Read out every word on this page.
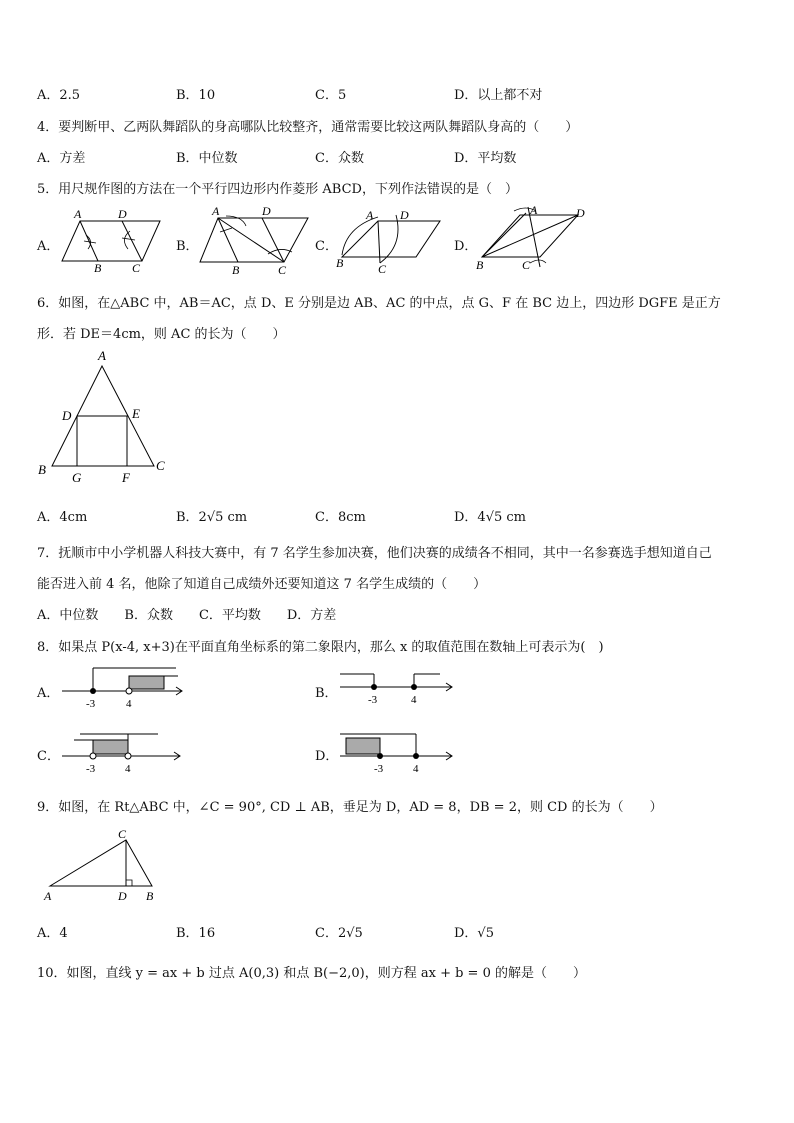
A．2.5	B．10	C．5	D．以上都不对
4．要判断甲、乙两队舞蹈队的身高哪队比较整齐，通常需要比较这两队舞蹈队身高的（　　）
A．方差	B．中位数	C．众数	D．平均数
5．用尺规作图的方法在一个平行四边形内作菱形 ABCD，下列作法错误的是（　）
A．	B．	C．	D．
A	D
B	C
A	D
B	C
A D
B	C
A	D
B	C
6．如图，在△ABC 中，AB＝AC，点 D、E 分别是边 AB、AC 的中点，点 G、F 在 BC 边上，四边形 DGFE 是正方
形．若 DE＝4cm，则 AC 的长为（　　）
A
D	E
B	C
G	F
A．4cm	B．2√5 cm	C．8cm	D．4√5 cm
7．抚顺市中小学机器人科技大赛中，有 7 名学生参加决赛，他们决赛的成绩各不相同，其中一名参赛选手想知道自己
能否进入前 4 名，他除了知道自己成绩外还要知道这 7 名学生成绩的（　　）
A．中位数　　B．众数　　C．平均数　　D．方差
8．如果点 P(x-4, x+3)在平面直角坐标系的第二象限内，那么 x 的取值范围在数轴上可表示为(　)
A．
-3	4
B．	-3	4
C．
-3	4
D．
-3	4
9．如图，在 Rt△ABC 中，∠C = 90°, CD ⊥ AB，垂足为 D，AD = 8，DB = 2，则 CD 的长为（　　）
C
A	D B
A．4	B．16	C．2√5	D．√5
10．如图，直线 y = ax + b 过点 A(0,3) 和点 B(−2,0)，则方程 ax + b = 0 的解是（　　）
